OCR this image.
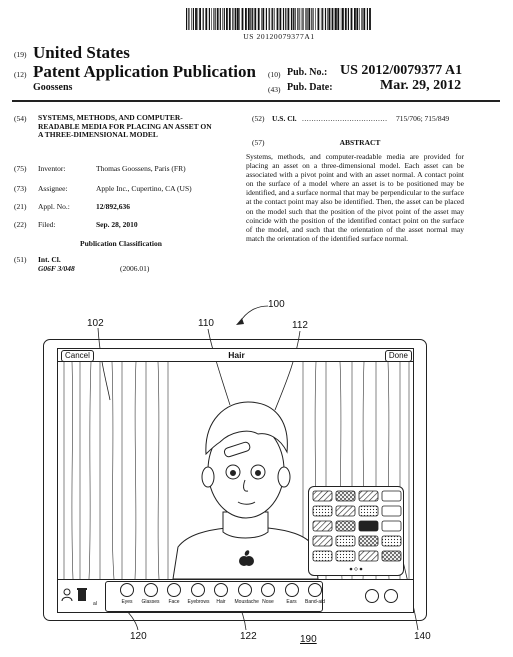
US 20120079377A1
(19) United States
(12) Patent Application Publication
Goossens
(10) Pub. No.: US 2012/0079377 A1
(43) Pub. Date:	Mar. 29, 2012
(54) SYSTEMS, METHODS, AND COMPUTER-READABLE MEDIA FOR PLACING AN ASSET ON A THREE-DIMENSIONAL MODEL
(75) Inventor:	Thomas Goossens, Paris (FR)
(73) Assignee:	Apple Inc., Cupertino, CA (US)
(21) Appl. No.:	12/892,636
(22) Filed:	Sep. 28, 2010
Publication Classification
(51) Int. Cl.
G06F 3/048	(2006.01)
(52) U.S. Cl. .................................... 715/706; 715/849
(57)	ABSTRACT
Systems, methods, and computer-readable media are provided for placing an asset on a three-dimensional model. Each asset can be associated with a pivot point and with an asset normal. A contact point on the surface of a model where an asset is to be positioned may be identified, and a surface normal that may be perpendicular to the surface at the contact point may also be identified. Then, the asset can be placed on the model such that the position of the pivot point of the asset may coincide with the position of the identified contact point on the surface of the model, and such that the orientation of the asset normal may match the orientation of the identified surface normal.
100
102	110	112
120	122	140
190
Hair
Cancel	Done
al	Eyes	Glasses	Face	Eyebrows	Hair	Moustache Nose	Ears	Band-aid
